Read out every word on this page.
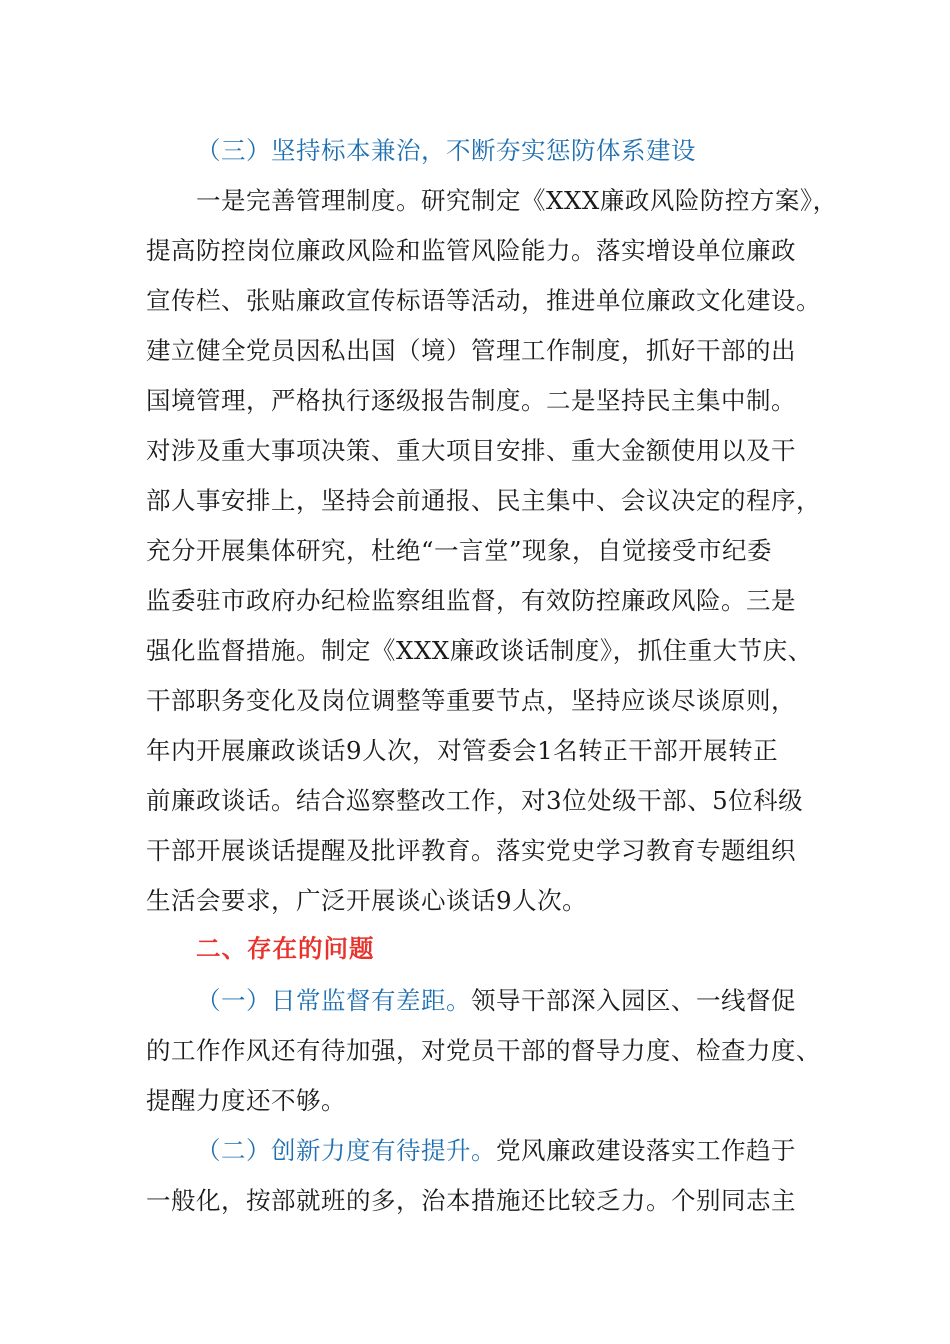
（三）坚持标本兼治，不断夯实惩防体系建设
一是完善管理制度。研究制定《XXX廉政风险防控方案》，
提高防控岗位廉政风险和监管风险能力。落实增设单位廉政
宣传栏、张贴廉政宣传标语等活动，推进单位廉政文化建设。
建立健全党员因私出国（境）管理工作制度，抓好干部的出
国境管理，严格执行逐级报告制度。二是坚持民主集中制。
对涉及重大事项决策、重大项目安排、重大金额使用以及干
部人事安排上，坚持会前通报、民主集中、会议决定的程序，
充分开展集体研究，杜绝“一言堂”现象，自觉接受市纪委
监委驻市政府办纪检监察组监督，有效防控廉政风险。三是
强化监督措施。制定《XXX廉政谈话制度》，抓住重大节庆、
干部职务变化及岗位调整等重要节点，坚持应谈尽谈原则，
年内开展廉政谈话9人次，对管委会1名转正干部开展转正
前廉政谈话。结合巡察整改工作，对3位处级干部、5位科级
干部开展谈话提醒及批评教育。落实党史学习教育专题组织
生活会要求，广泛开展谈心谈话9人次。
二、存在的问题
（一）日常监督有差距。领导干部深入园区、一线督促
的工作作风还有待加强，对党员干部的督导力度、检查力度、
提醒力度还不够。
（二）创新力度有待提升。党风廉政建设落实工作趋于
一般化，按部就班的多，治本措施还比较乏力。个别同志主
